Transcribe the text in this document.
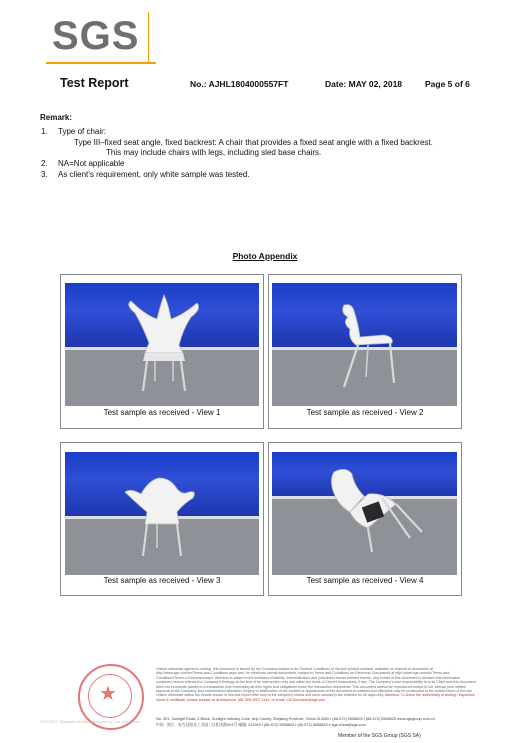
SGS
Test Report	No.: AJHL1804000557FT	Date: MAY 02, 2018	Page 5 of 6
Remark:
1. Type of chair:
Type III–fixed seat angle, fixed backrest: A chair that provides a fixed seat angle with a fixed backrest.
This may include chairs with legs, including sled base chairs.
2. NA=Not applicable
3. As client’s requirement, only white sample was tested.
Photo Appendix
Test sample as received - View 1	Test sample as received - View 2
Test sample as received - View 3	Test sample as received - View 4
★
Unless otherwise agreed in writing, this document is issued by the Company subject to its General Conditions of Service printed overleaf, available on request or accessible at http://www.sgs.com/en/Terms-and-Conditions.aspx and, for electronic format documents, subject to Terms and Conditions for Electronic Documents at http://www.sgs.com/en/Terms-and-Conditions/Terms-e-Document.aspx. Attention is drawn to the limitation of liability, indemnification and jurisdiction issues defined therein. Any holder of this document is advised that information contained hereon reflects the Company's findings at the time of its intervention only and within the limits of Client's instructions, if any. The Company's sole responsibility is to its Client and this document does not exonerate parties to a transaction from exercising all their rights and obligations under the transaction documents. This document cannot be reproduced except in full, without prior written approval of the Company. Any unauthorized alteration, forgery or falsification of the content or appearance of this document is unlawful and offenders may be prosecuted to the fullest extent of the law. Unless otherwise stated the results shown in this test report refer only to the sample(s) tested and such sample(s) are retained for 30 days only. Attention: To check the authenticity of testing / inspection report & certificate, please contact us at telephone: (86-755) 8307 1443, or email: CN.Doccheck@sgs.com
No. 301, Sunlight Road, 2 Block, Sunlight Industry Zone, Anji County, Zhejiang Province, China 313300 t (86-572) 5558825 f (86-572) 5558825 www.sgsgroup.com.cn
中国 · 浙江 · 安吉县阳光工业园二区阳光路301号 邮编: 313300 t (86-572) 5558825 f (86-572) 5558825 e sgs.china@sgs.com
SGS-CSTC Standards Technical Services Co., Ltd. Anji Branch
Member of the SGS Group (SGS SA)
